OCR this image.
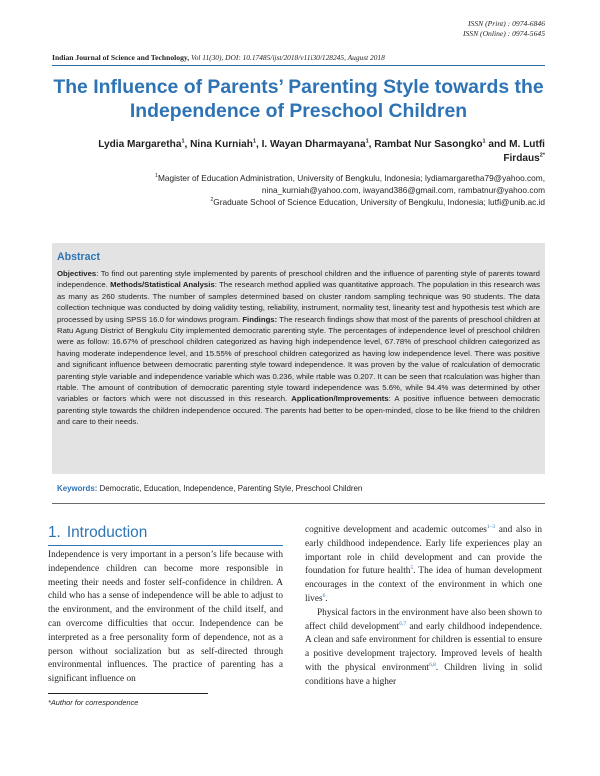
ISSN (Print) : 0974-6846
ISSN (Online) : 0974-5645
Indian Journal of Science and Technology, Vol 11(30), DOI: 10.17485/ijst/2018/v11i30/128245, August 2018
The Influence of Parents’ Parenting Style towards the
Independence of Preschool Children
Lydia Margaretha$^1$, Nina Kurniah$^1$, I. Wayan Dharmayana$^1$, Rambat Nur Sasongko$^1$ and M. Lutfi
Firdaus$^{2*}$
$^1$Magister of Education Administration, University of Bengkulu, Indonesia; lydiamargaretha79@yahoo.com,
nina_kurniah@yahoo.com, iwayand386@gmail.com, rambatnur@yahoo.com
$^2$Graduate School of Science Education, University of Bengkulu, Indonesia; lutfi@unib.ac.id
Abstract
Objectives: To find out parenting style implemented by parents of preschool children and the influence of parenting style of parents toward independence. Methods/Statistical Analysis: The research method applied was quantitative approach. The population in this research was as many as 260 students. The number of samples determined based on cluster random sampling technique was 90 students. The data collection technique was conducted by doing validity testing, reliability, instrument, normality test, linearity test and hypothesis test which are processed by using SPSS 16.0 for windows program. Findings: The research findings show that most of the parents of preschool children at Ratu Agung District of Bengkulu City implemented democratic parenting style. The percentages of independence level of preschool children were as follow: 16.67% of preschool children categorized as having high independence level, 67.78% of preschool children categorized as having moderate independence level, and 15.55% of preschool children categorized as having low independence level. There was positive and significant influence between democratic parenting style toward independence. It was proven by the value of rcalculation of democratic parenting style variable and independence variable which was 0.236, while rtable was 0.207. It can be seen that rcalculation was higher than rtable. The amount of contribution of democratic parenting style toward independence was 5.6%, while 94.4% was determined by other variables or factors which were not discussed in this research. Application/Improvements: A positive influence between democratic parenting style towards the children independence occured. The parents had better to be open-minded, close to be like friend to the children and care to their needs.
Keywords: Democratic, Education, Independence, Parenting Style, Preschool Children
1. Introduction

Independence is very important in a person’s life because with independence children can become more responsible in meeting their needs and foster self-confidence in children. A child who has a sense of independence will be able to adjust to the environment, and the environment of the child itself, and can overcome difficulties that occur. Independence can be interpreted as a free personality form of dependence, not as a person without socialization but as self-directed through environmental influences. The practice of parenting has a significant influence on

cognitive development and academic outcomes$^{1-3}$ and also in early childhood independence. Early life experiences play an important role in child development and can provide the foundation for future health$^5$. The idea of human development encourages in the context of the environment in which one lives$^6$.

Physical factors in the environment have also been shown to affect child development$^{6,7}$ and early childhood independence. A clean and safe environment for children is essential to ensure a positive development trajectory. Improved levels of health with the physical environment$^{6,8}$. Children living in solid conditions have a higher

*Author for correspondence
